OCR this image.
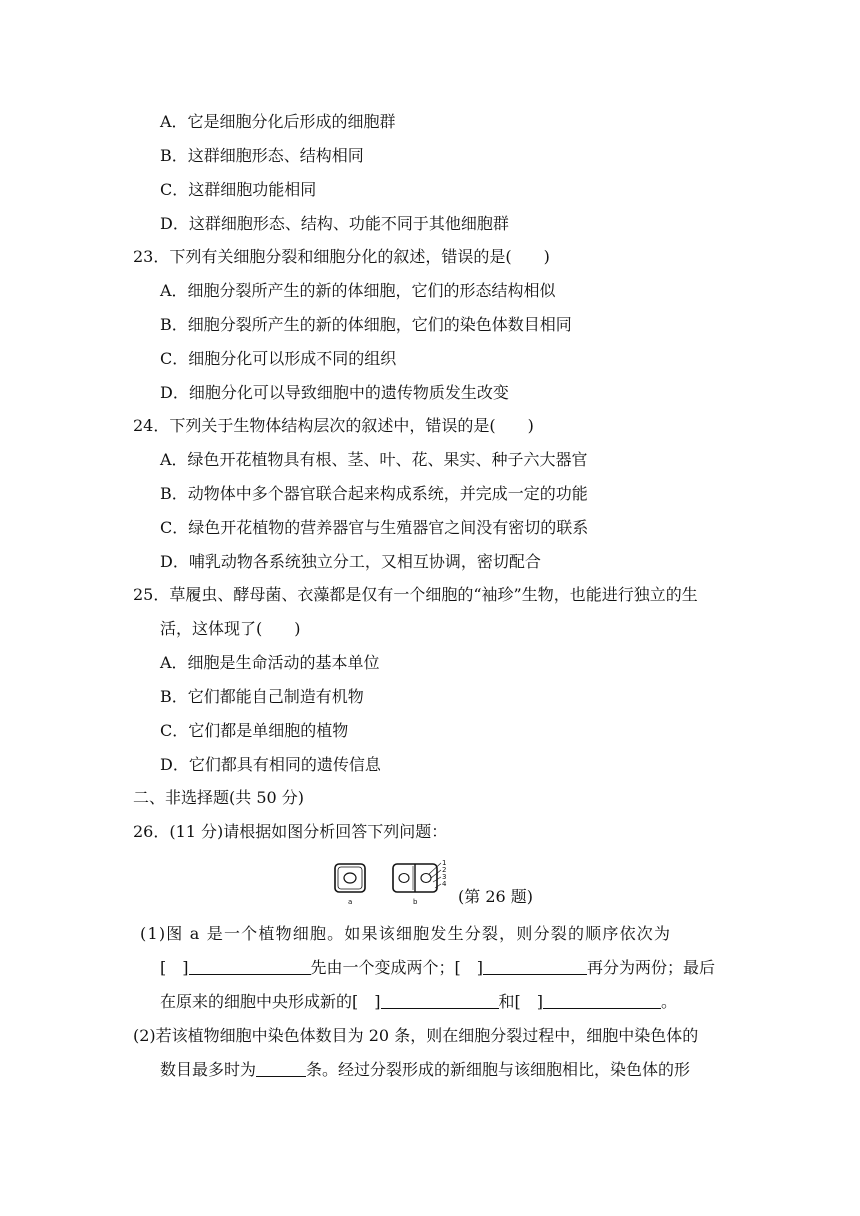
A．它是细胞分化后形成的细胞群
B．这群细胞形态、结构相同
C．这群细胞功能相同
D．这群细胞形态、结构、功能不同于其他细胞群
23．下列有关细胞分裂和细胞分化的叙述，错误的是(　　)
A．细胞分裂所产生的新的体细胞，它们的形态结构相似
B．细胞分裂所产生的新的体细胞，它们的染色体数目相同
C．细胞分化可以形成不同的组织
D．细胞分化可以导致细胞中的遗传物质发生改变
24．下列关于生物体结构层次的叙述中，错误的是(　　)
A．绿色开花植物具有根、茎、叶、花、果实、种子六大器官
B．动物体中多个器官联合起来构成系统，并完成一定的功能
C．绿色开花植物的营养器官与生殖器官之间没有密切的联系
D．哺乳动物各系统独立分工，又相互协调，密切配合
25．草履虫、酵母菌、衣藻都是仅有一个细胞的“袖珍”生物，也能进行独立的生
活，这体现了(　　)
A．细胞是生命活动的基本单位
B．它们都能自己制造有机物
C．它们都是单细胞的植物
D．它们都具有相同的遗传信息
二、非选择题(共 50 分)
26．(11 分)请根据如图分析回答下列问题：
a
1
2
3
4
b	(第 26 题)
(1)图 a 是一个植物细胞。如果该细胞发生分裂，则分裂的顺序依次为
[　]	先由一个变成两个；[　]	再分为两份；最后
在原来的细胞中央形成新的[　]	和[　]	。
(2)若该植物细胞中染色体数目为 20 条，则在细胞分裂过程中，细胞中染色体的
数目最多时为	条。经过分裂形成的新细胞与该细胞相比，染色体的形
